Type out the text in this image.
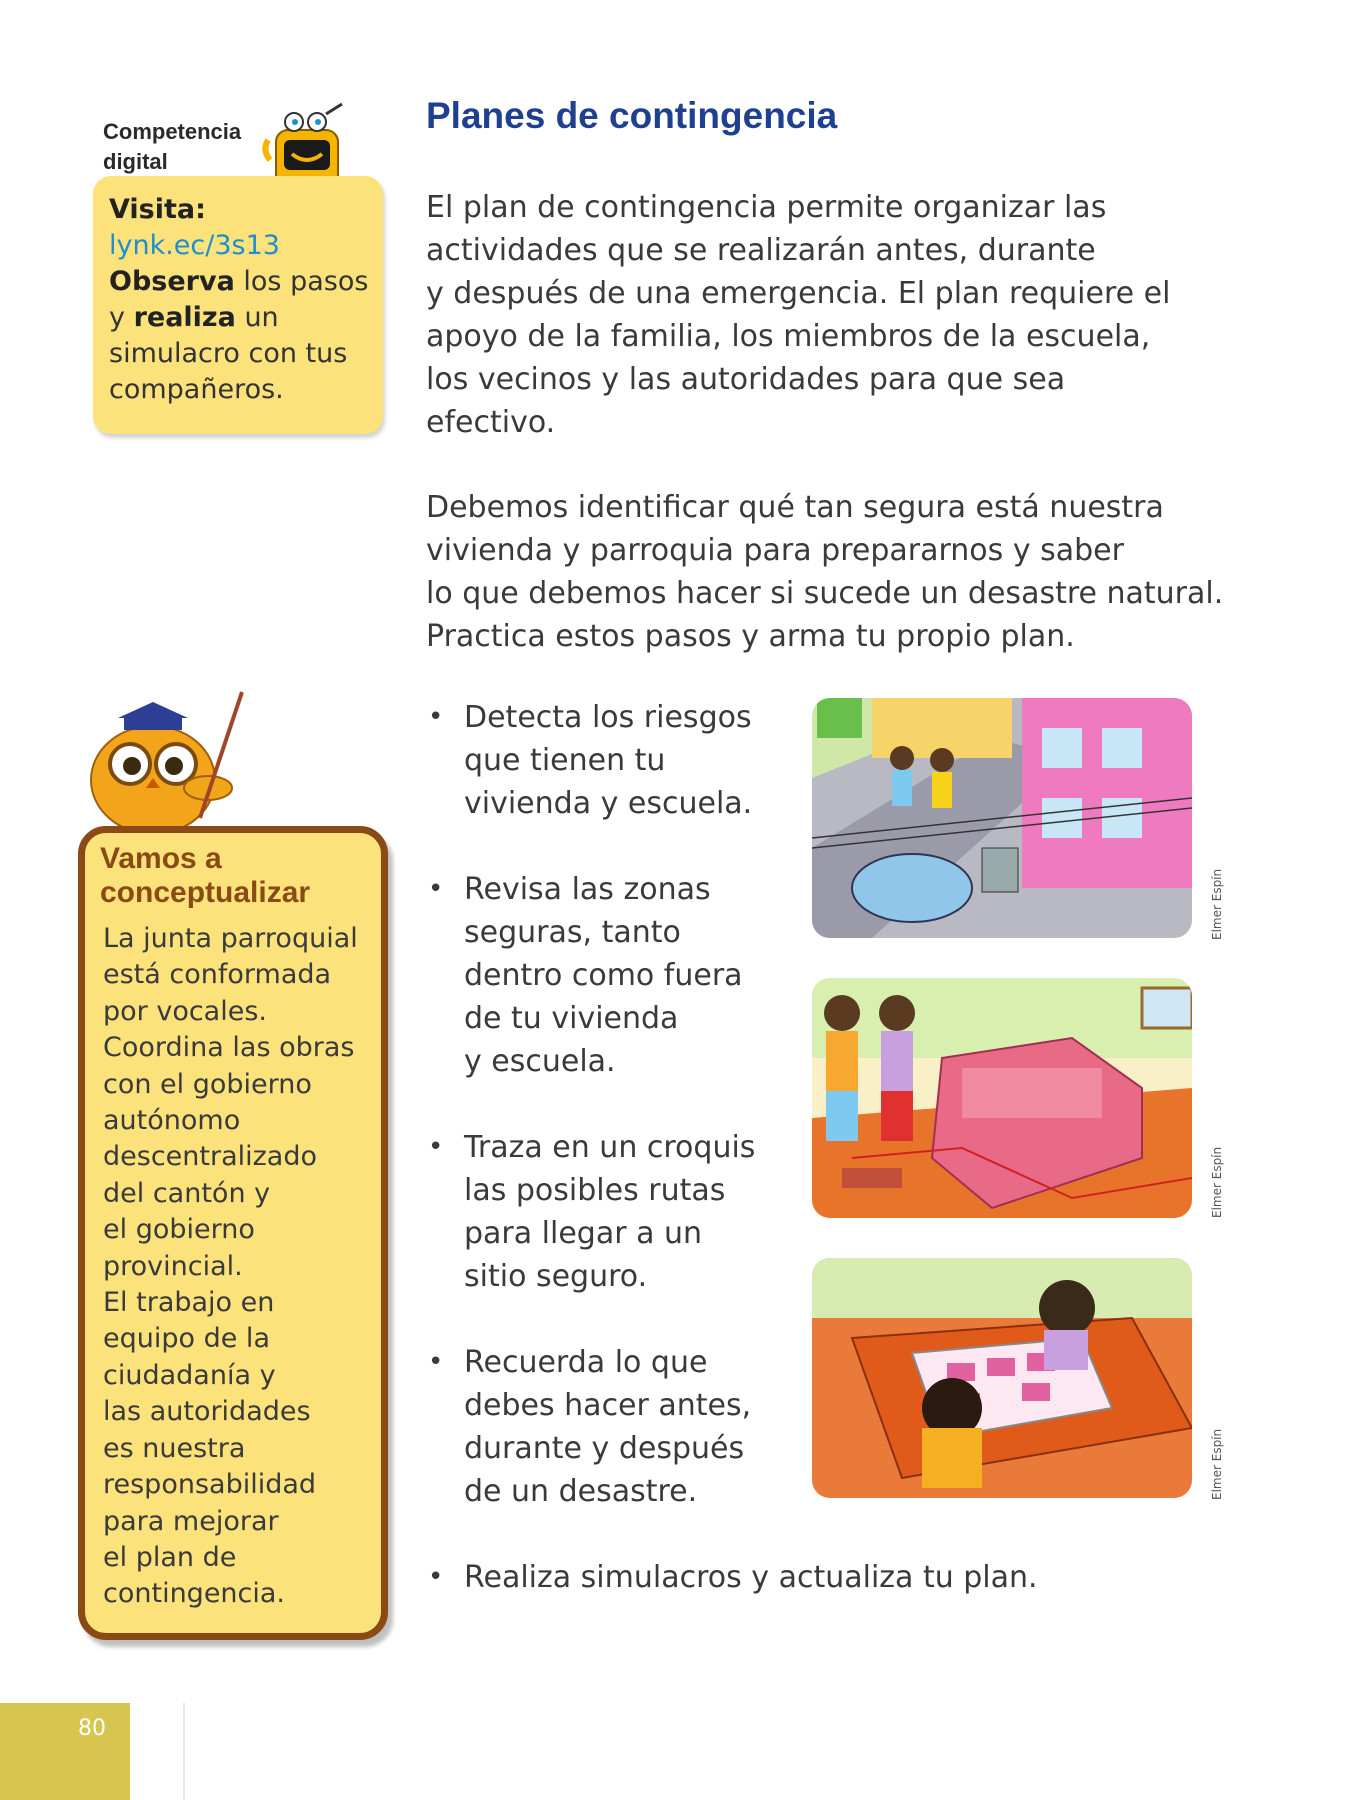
Competencia digital
Visita:
lynk.ec/3s13
Observa los pasos y realiza un simulacro con tus compañeros.
Vamos a conceptualizar
La junta parroquial
está conformada
por vocales.
Coordina las obras
con el gobierno
autónomo
descentralizado
del cantón y
el gobierno
provincial.
El trabajo en
equipo de la
ciudadanía y
las autoridades
es nuestra
responsabilidad
para mejorar
el plan de
contingencia.
Planes de contingencia
El plan de contingencia permite organizar las
actividades que se realizarán antes, durante
y después de una emergencia. El plan requiere el
apoyo de la familia, los miembros de la escuela,
los vecinos y las autoridades para que sea
efectivo.
Debemos identificar qué tan segura está nuestra
vivienda y parroquia para prepararnos y saber
lo que debemos hacer si sucede un desastre natural.
Practica estos pasos y arma tu propio plan.
• Detecta los riesgos
que tienen tu
vivienda y escuela.
• Revisa las zonas
seguras, tanto
dentro como fuera
de tu vivienda
y escuela.
• Traza en un croquis
las posibles rutas
para llegar a un
sitio seguro.
• Recuerda lo que
debes hacer antes,
durante y después
de un desastre.
• Realiza simulacros y actualiza tu plan.
Elmer Espín
Elmer Espín
Elmer Espín
80
